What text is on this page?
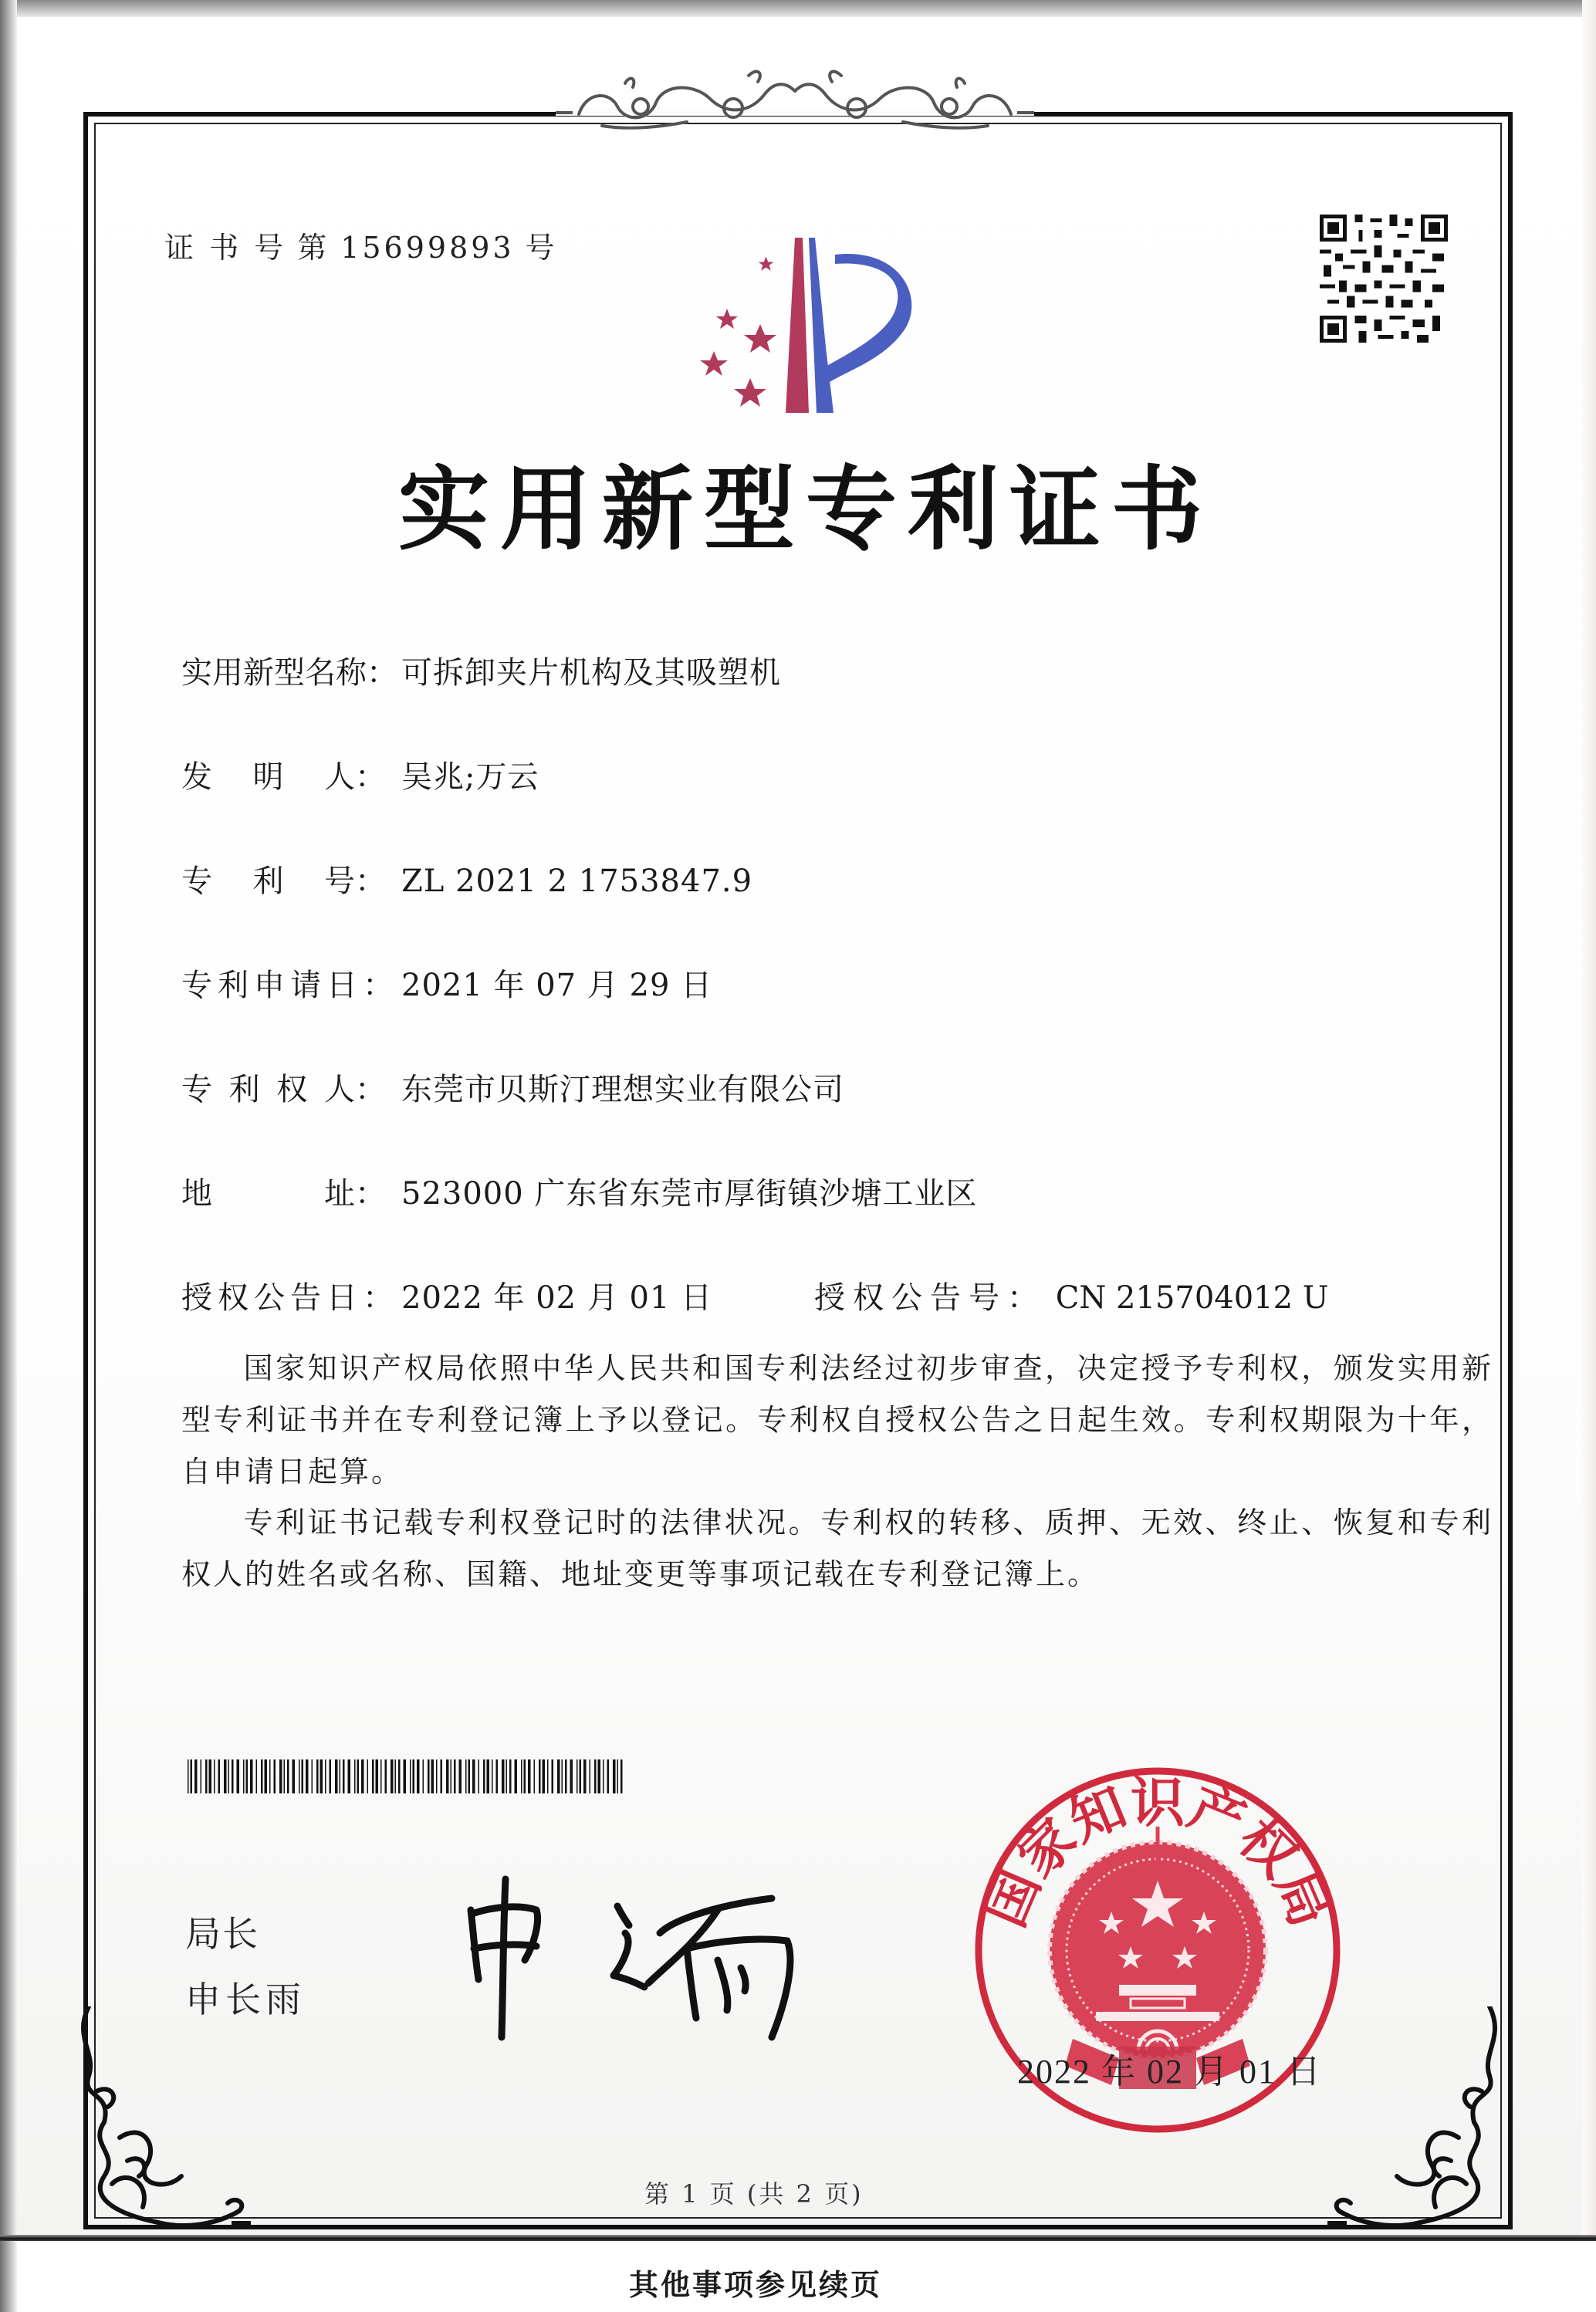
证 书 号 第 15699893 号
实用新型专利证书
实用新型名称： 可拆卸夹片机构及其吸塑机
发 明 人： 吴兆;万云
专 利 号： ZL 2021 2 1753847.9
专利申请日： 2021 年 07 月 29 日
专 利 权 人： 东莞市贝斯汀理想实业有限公司
地	址： 523000 广东省东莞市厚街镇沙塘工业区
授权公告日： 2022 年 02 月 01 日	授权公告号： CN 215704012 U
国家知识产权局依照中华人民共和国专利法经过初步审查，决定授予专利权，颁发实用新型专利证书并在专利登记簿上予以登记。专利权自授权公告之日起生效。专利权期限为十年，自申请日起算。
专利证书记载专利权登记时的法律状况。专利权的转移、质押、无效、终止、恢复和专利权人的姓名或名称、国籍、地址变更等事项记载在专利登记簿上。
局长
申长雨
国家知识产权局
2022 年 02 月 01 日
第 1 页 (共 2 页)
其他事项参见续页
